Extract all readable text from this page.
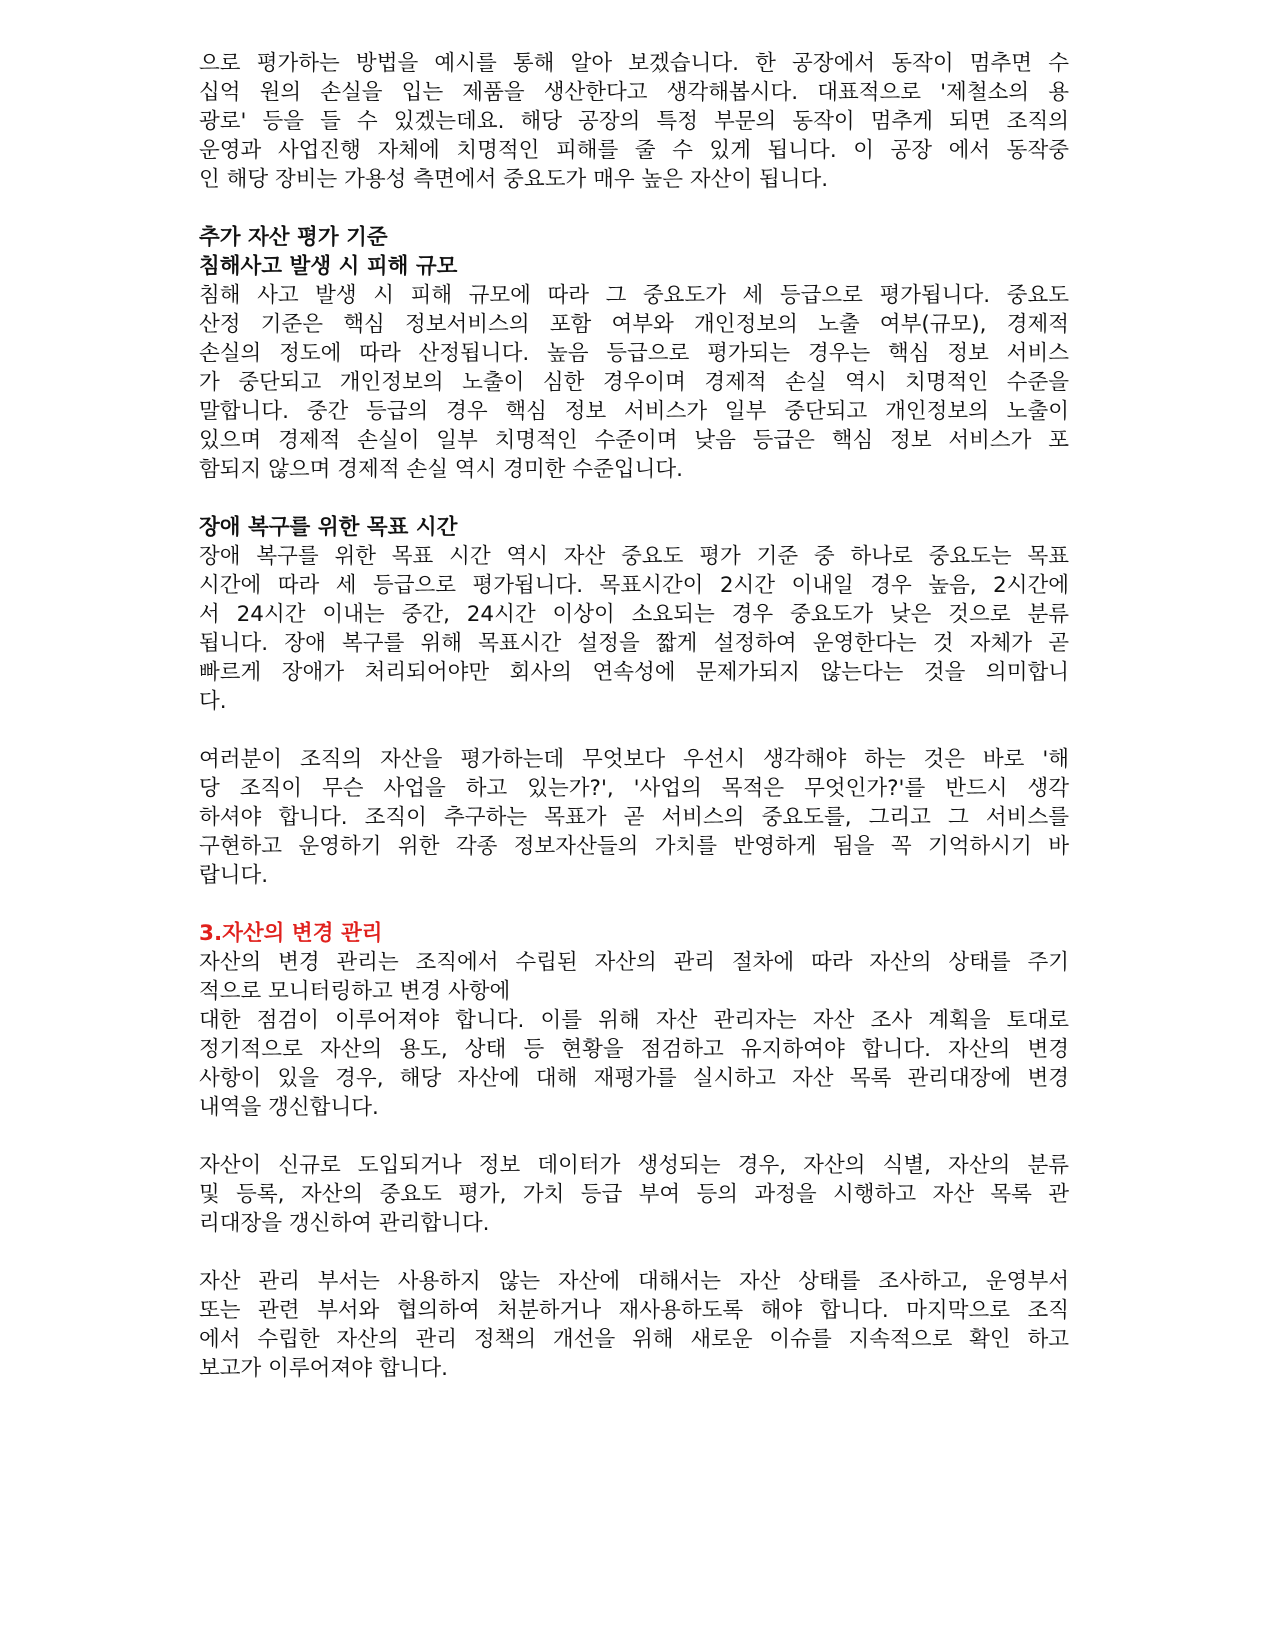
으로 평가하는 방법을 예시를 통해 알아 보겠습니다. 한 공장에서 동작이 멈추면 수
십억 원의 손실을 입는 제품을 생산한다고 생각해봅시다. 대표적으로 '제철소의 용
광로' 등을 들 수 있겠는데요. 해당 공장의 특정 부문의 동작이 멈추게 되면 조직의
운영과 사업진행 자체에 치명적인 피해를 줄 수 있게 됩니다. 이 공장 에서 동작중
인 해당 장비는 가용성 측면에서 중요도가 매우 높은 자산이 됩니다.
추가 자산 평가 기준
침해사고 발생 시 피해 규모
침해 사고 발생 시 피해 규모에 따라 그 중요도가 세 등급으로 평가됩니다. 중요도
산정 기준은 핵심 정보서비스의 포함 여부와 개인정보의 노출 여부(규모), 경제적
손실의 정도에 따라 산정됩니다. 높음 등급으로 평가되는 경우는 핵심 정보 서비스
가 중단되고 개인정보의 노출이 심한 경우이며 경제적 손실 역시 치명적인 수준을
말합니다. 중간 등급의 경우 핵심 정보 서비스가 일부 중단되고 개인정보의 노출이
있으며 경제적 손실이 일부 치명적인 수준이며 낮음 등급은 핵심 정보 서비스가 포
함되지 않으며 경제적 손실 역시 경미한 수준입니다.
장애 복구를 위한 목표 시간
장애 복구를 위한 목표 시간 역시 자산 중요도 평가 기준 중 하나로 중요도는 목표
시간에 따라 세 등급으로 평가됩니다. 목표시간이 2시간 이내일 경우 높음, 2시간에
서 24시간 이내는 중간, 24시간 이상이 소요되는 경우 중요도가 낮은 것으로 분류
됩니다. 장애 복구를 위해 목표시간 설정을 짧게 설정하여 운영한다는 것 자체가 곧
빠르게 장애가 처리되어야만 회사의 연속성에 문제가되지 않는다는 것을 의미합니
다.
여러분이 조직의 자산을 평가하는데 무엇보다 우선시 생각해야 하는 것은 바로 '해
당 조직이 무슨 사업을 하고 있는가?', '사업의 목적은 무엇인가?'를 반드시 생각
하셔야 합니다. 조직이 추구하는 목표가 곧 서비스의 중요도를, 그리고 그 서비스를
구현하고 운영하기 위한 각종 정보자산들의 가치를 반영하게 됨을 꼭 기억하시기 바
랍니다.
3.자산의 변경 관리
자산의 변경 관리는 조직에서 수립된 자산의 관리 절차에 따라 자산의 상태를 주기
적으로 모니터링하고 변경 사항에
대한 점검이 이루어져야 합니다. 이를 위해 자산 관리자는 자산 조사 계획을 토대로
정기적으로 자산의 용도, 상태 등 현황을 점검하고 유지하여야 합니다. 자산의 변경
사항이 있을 경우, 해당 자산에 대해 재평가를 실시하고 자산 목록 관리대장에 변경
내역을 갱신합니다.
자산이 신규로 도입되거나 정보 데이터가 생성되는 경우, 자산의 식별, 자산의 분류
및 등록, 자산의 중요도 평가, 가치 등급 부여 등의 과정을 시행하고 자산 목록 관
리대장을 갱신하여 관리합니다.
자산 관리 부서는 사용하지 않는 자산에 대해서는 자산 상태를 조사하고, 운영부서
또는 관련 부서와 협의하여 처분하거나 재사용하도록 해야 합니다. 마지막으로 조직
에서 수립한 자산의 관리 정책의 개선을 위해 새로운 이슈를 지속적으로 확인 하고
보고가 이루어져야 합니다.
